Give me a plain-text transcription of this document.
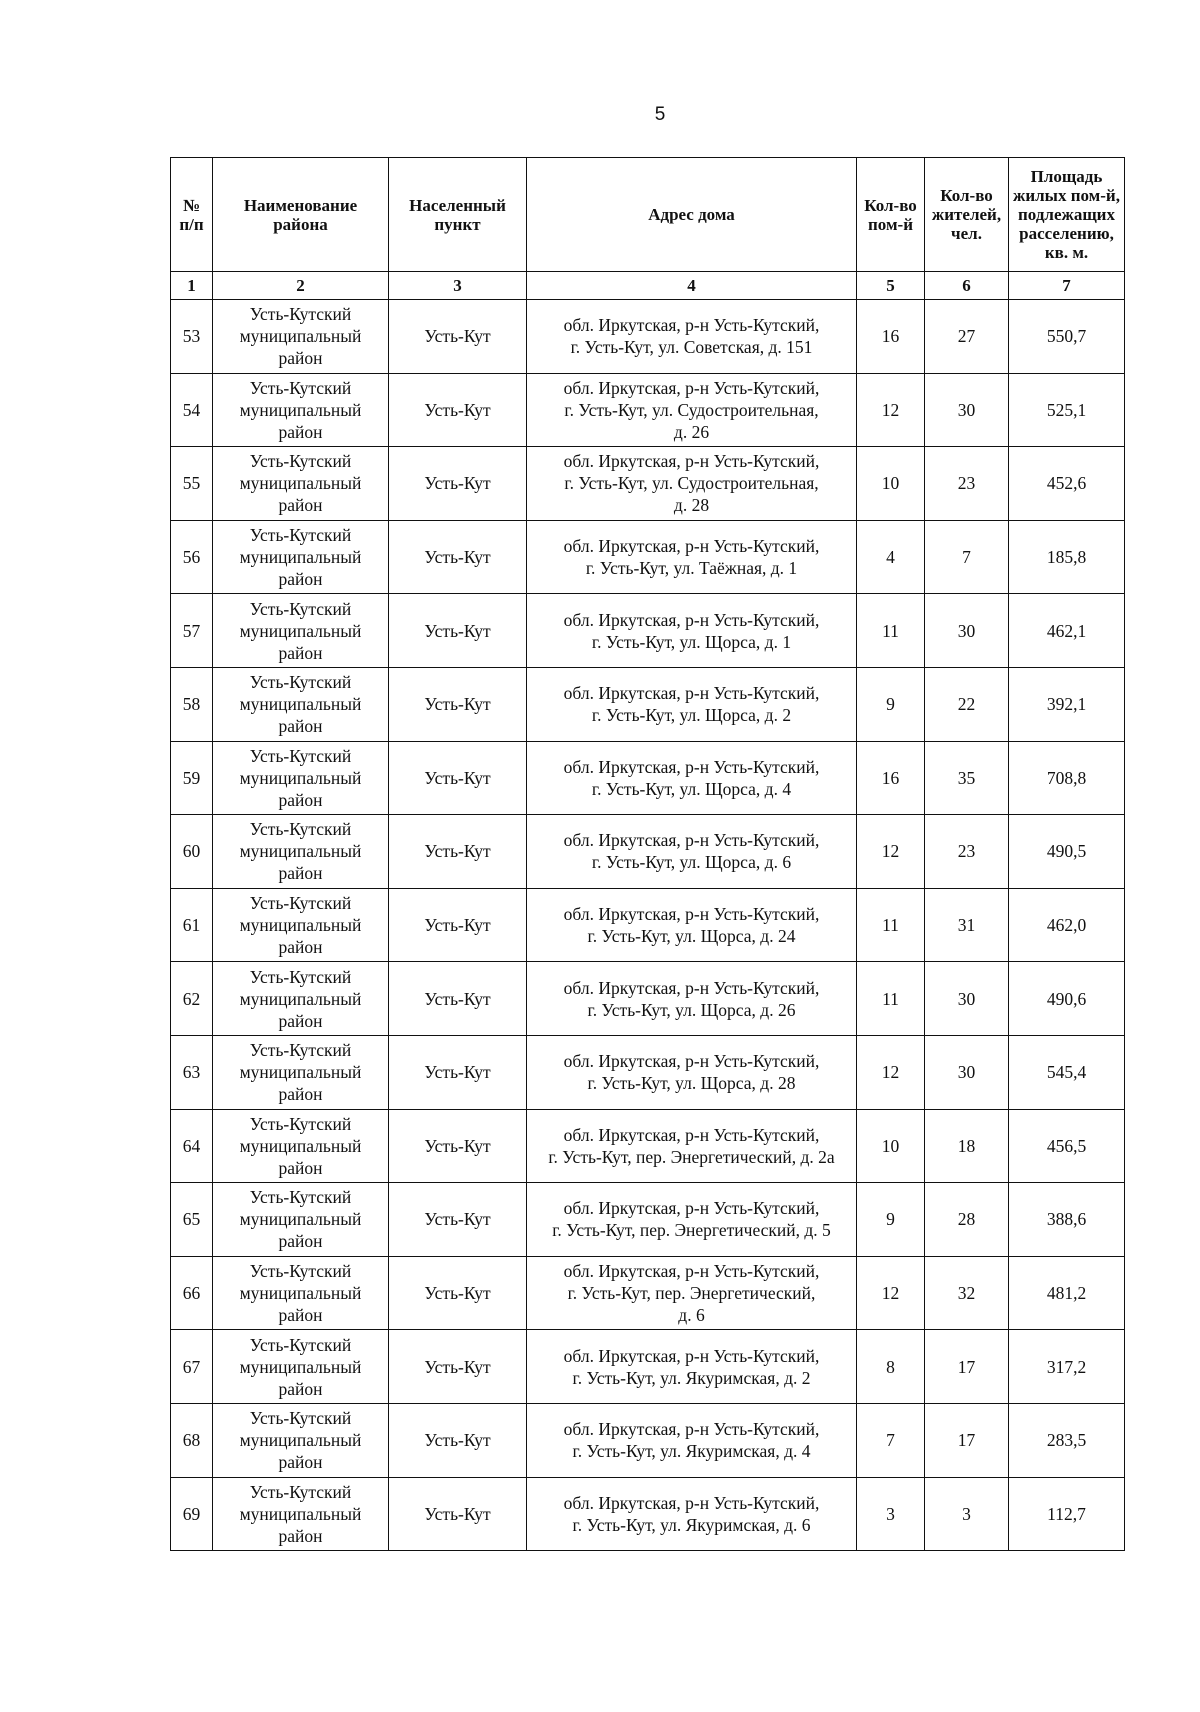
5
№
п/п	Наименование
района	Населенный
пункт	Адрес дома	Кол-во
пом-й	Кол-во
жителей,
чел.	Площадь
жилых пом-й,
подлежащих
расселению,
кв. м.
1	2	3	4	5	6	7
53	Усть-Кутский
муниципальный
район	Усть-Кут	обл. Иркутская, р-н Усть-Кутский,
г. Усть-Кут, ул. Советская, д. 151	16	27	550,7
54	Усть-Кутский
муниципальный
район	Усть-Кут	обл. Иркутская, р-н Усть-Кутский,
г. Усть-Кут, ул. Судостроительная,
д. 26	12	30	525,1
55	Усть-Кутский
муниципальный
район	Усть-Кут	обл. Иркутская, р-н Усть-Кутский,
г. Усть-Кут, ул. Судостроительная,
д. 28	10	23	452,6
56	Усть-Кутский
муниципальный
район	Усть-Кут	обл. Иркутская, р-н Усть-Кутский,
г. Усть-Кут, ул. Таёжная, д. 1	4	7	185,8
57	Усть-Кутский
муниципальный
район	Усть-Кут	обл. Иркутская, р-н Усть-Кутский,
г. Усть-Кут, ул. Щорса, д. 1	11	30	462,1
58	Усть-Кутский
муниципальный
район	Усть-Кут	обл. Иркутская, р-н Усть-Кутский,
г. Усть-Кут, ул. Щорса, д. 2	9	22	392,1
59	Усть-Кутский
муниципальный
район	Усть-Кут	обл. Иркутская, р-н Усть-Кутский,
г. Усть-Кут, ул. Щорса, д. 4	16	35	708,8
60	Усть-Кутский
муниципальный
район	Усть-Кут	обл. Иркутская, р-н Усть-Кутский,
г. Усть-Кут, ул. Щорса, д. 6	12	23	490,5
61	Усть-Кутский
муниципальный
район	Усть-Кут	обл. Иркутская, р-н Усть-Кутский,
г. Усть-Кут, ул. Щорса, д. 24	11	31	462,0
62	Усть-Кутский
муниципальный
район	Усть-Кут	обл. Иркутская, р-н Усть-Кутский,
г. Усть-Кут, ул. Щорса, д. 26	11	30	490,6
63	Усть-Кутский
муниципальный
район	Усть-Кут	обл. Иркутская, р-н Усть-Кутский,
г. Усть-Кут, ул. Щорса, д. 28	12	30	545,4
64	Усть-Кутский
муниципальный
район	Усть-Кут	обл. Иркутская, р-н Усть-Кутский,
г. Усть-Кут, пер. Энергетический, д. 2а	10	18	456,5
65	Усть-Кутский
муниципальный
район	Усть-Кут	обл. Иркутская, р-н Усть-Кутский,
г. Усть-Кут, пер. Энергетический, д. 5	9	28	388,6
66	Усть-Кутский
муниципальный
район	Усть-Кут	обл. Иркутская, р-н Усть-Кутский,
г. Усть-Кут, пер. Энергетический,
д. 6	12	32	481,2
67	Усть-Кутский
муниципальный
район	Усть-Кут	обл. Иркутская, р-н Усть-Кутский,
г. Усть-Кут, ул. Якуримская, д. 2	8	17	317,2
68	Усть-Кутский
муниципальный
район	Усть-Кут	обл. Иркутская, р-н Усть-Кутский,
г. Усть-Кут, ул. Якуримская, д. 4	7	17	283,5
69	Усть-Кутский
муниципальный
район	Усть-Кут	обл. Иркутская, р-н Усть-Кутский,
г. Усть-Кут, ул. Якуримская, д. 6	3	3	112,7
